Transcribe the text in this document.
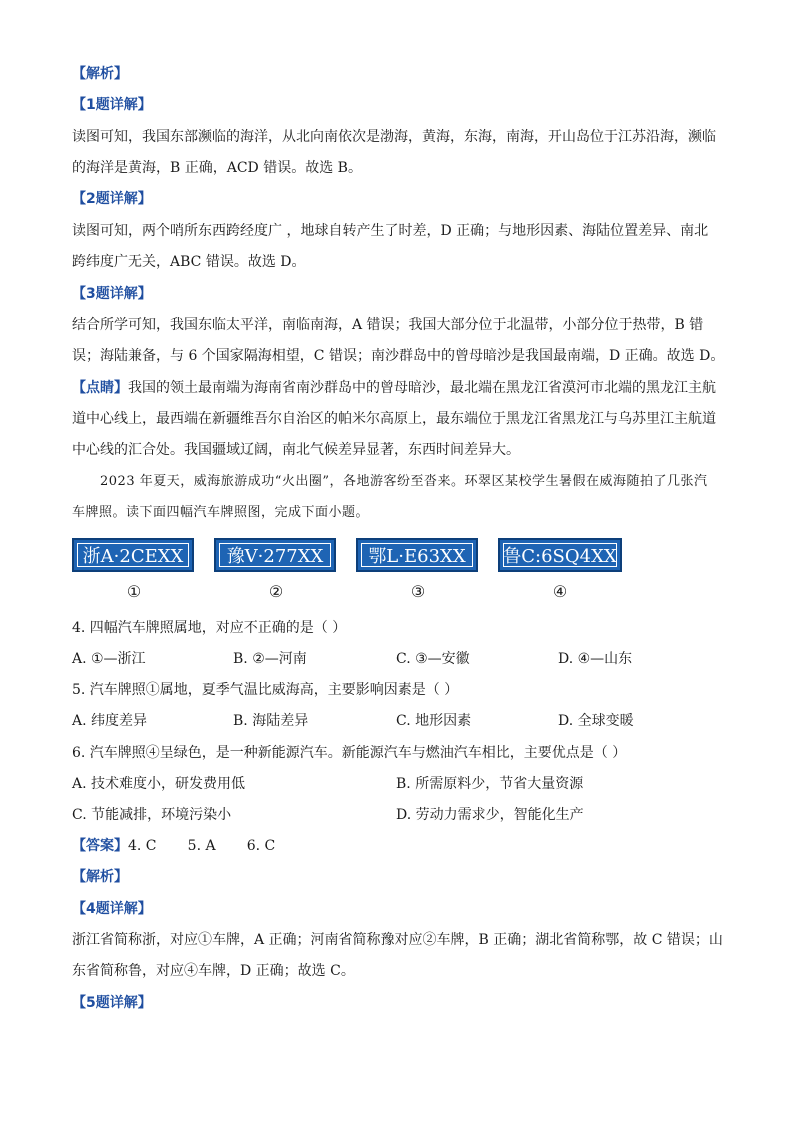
【解析】
【1题详解】
读图可知，我国东部濒临的海洋，从北向南依次是渤海，黄海，东海，南海，开山岛位于江苏沿海，濒临
的海洋是黄海，B 正确，ACD 错误。故选 B。
【2题详解】
读图可知，两个哨所东西跨经度广 ，地球自转产生了时差，D 正确；与地形因素、海陆位置差异、南北
跨纬度广无关，ABC 错误。故选 D。
【3题详解】
结合所学可知，我国东临太平洋，南临南海，A 错误；我国大部分位于北温带，小部分位于热带，B 错
误；海陆兼备，与 6 个国家隔海相望，C 错误；南沙群岛中的曾母暗沙是我国最南端，D 正确。故选 D。
【点睛】我国的领土最南端为海南省南沙群岛中的曾母暗沙，最北端在黑龙江省漠河市北端的黑龙江主航
道中心线上，最西端在新疆维吾尔自治区的帕米尔高原上，最东端位于黑龙江省黑龙江与乌苏里江主航道
中心线的汇合处。我国疆域辽阔，南北气候差异显著，东西时间差异大。
2023 年夏天，威海旅游成功“火出圈”，各地游客纷至沓来。环翠区某校学生暑假在威海随拍了几张汽
车牌照。读下面四幅汽车牌照图，完成下面小题。
浙A·2CEXX 豫V·277XX 鄂L·E63XX 鲁C:6SQ4XX
①	②	③	④
4. 四幅汽车牌照属地，对应不正确的是（ ）
A. ①—浙江	B. ②—河南	C. ③—安徽	D. ④—山东
5. 汽车牌照①属地，夏季气温比威海高，主要影响因素是（ ）
A. 纬度差异	B. 海陆差异	C. 地形因素	D. 全球变暖
6. 汽车牌照④呈绿色，是一种新能源汽车。新能源汽车与燃油汽车相比，主要优点是（ ）
A. 技术难度小，研发费用低	B. 所需原料少，节省大量资源
C. 节能减排，环境污染小	D. 劳动力需求少，智能化生产
【答案】4. C       5. A       6. C
【解析】
【4题详解】
浙江省简称浙，对应①车牌，A 正确；河南省简称豫对应②车牌，B 正确；湖北省简称鄂，故 C 错误；山
东省简称鲁，对应④车牌，D 正确；故选 C。
【5题详解】
